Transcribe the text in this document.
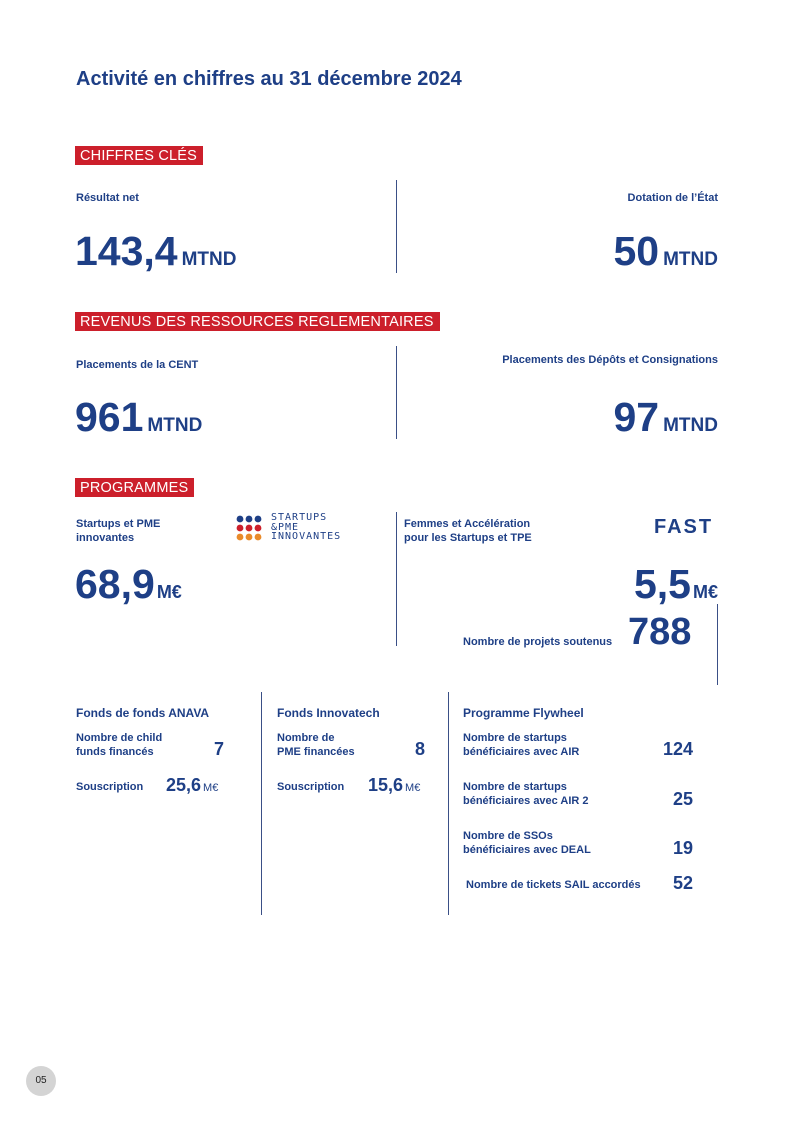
Activité en chiffres au 31 décembre 2024
CHIFFRES CLÉS
Résultat net
143,4 MTND
Dotation de l’État
50 MTND
REVENUS DES RESSOURCES REGLEMENTAIRES
Placements de la CENT
961 MTND
Placements des Dépôts et Consignations
97 MTND
PROGRAMMES
Startups et PME
innovantes
STARTUPS
&PME
INNOVANTES
68,9 M€
Femmes et Accélération
pour les Startups et TPE	FAST
5,5 M€
Nombre de projets soutenus 788
Fonds de fonds ANAVA
Nombre de child
funds financés	7
Souscription 25,6 M€
Fonds Innovatech
Nombre de
PME financées	8
Souscription 15,6 M€
Programme Flywheel
Nombre de startups
bénéficiaires avec AIR	124
Nombre de startups
bénéficiaires avec AIR 2	25
Nombre de SSOs
bénéficiaires avec DEAL	19
Nombre de tickets SAIL accordés 52
05
